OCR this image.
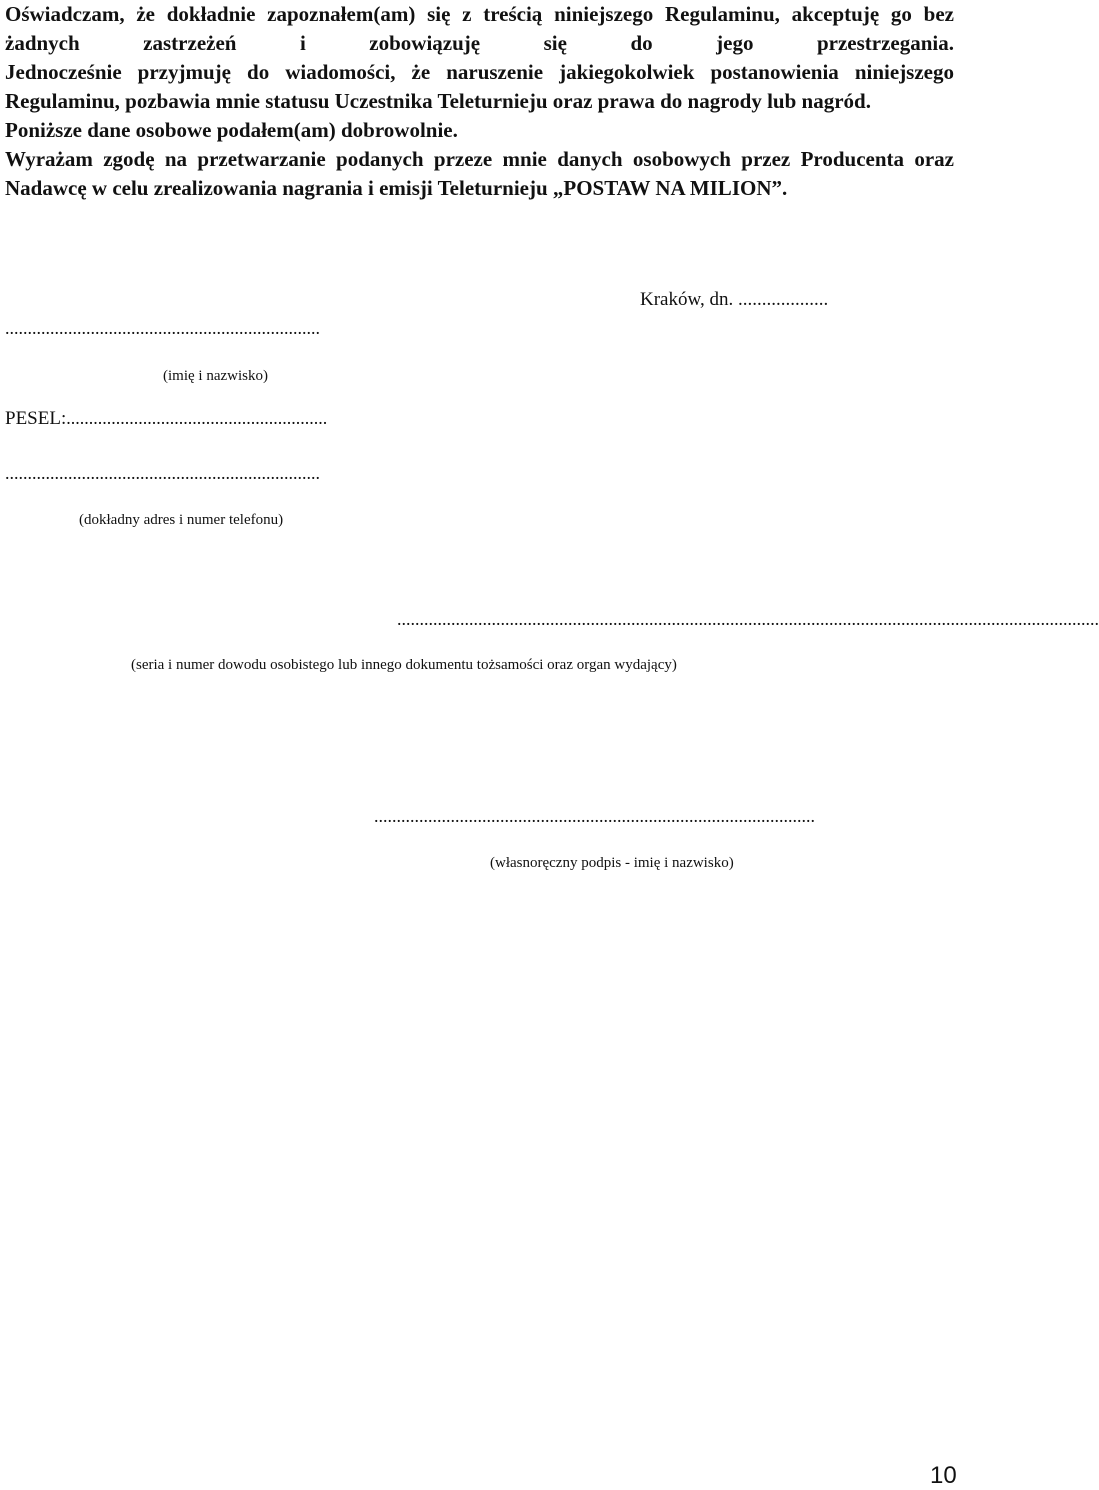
Oświadczam, że dokładnie zapoznałem(am) się z treścią niniejszego Regulaminu, akceptuję go bez żadnych zastrzeżeń i zobowiązuję się do jego przestrzegania.

Jednocześnie przyjmuję do wiadomości, że naruszenie jakiegokolwiek postanowienia niniejszego Regulaminu, pozbawia mnie statusu Uczestnika Teleturnieju oraz prawa do nagrody lub nagród.

Poniższe dane osobowe podałem(am) dobrowolnie.

Wyrażam zgodę na przetwarzanie podanych przeze mnie danych osobowych przez Producenta oraz Nadawcę w celu zrealizowania nagrania i emisji Teleturnieju „POSTAW NA MILION”.

Kraków, dn. ...................
......................................................................
(imię i nazwisko)
PESEL:..........................................................
......................................................................
(dokładny adres i numer telefonu)
............................................................................................................................................................
(seria i numer dowodu osobistego lub innego dokumentu tożsamości oraz organ wydający)
..................................................................................................
(własnoręczny podpis - imię i nazwisko)
10
